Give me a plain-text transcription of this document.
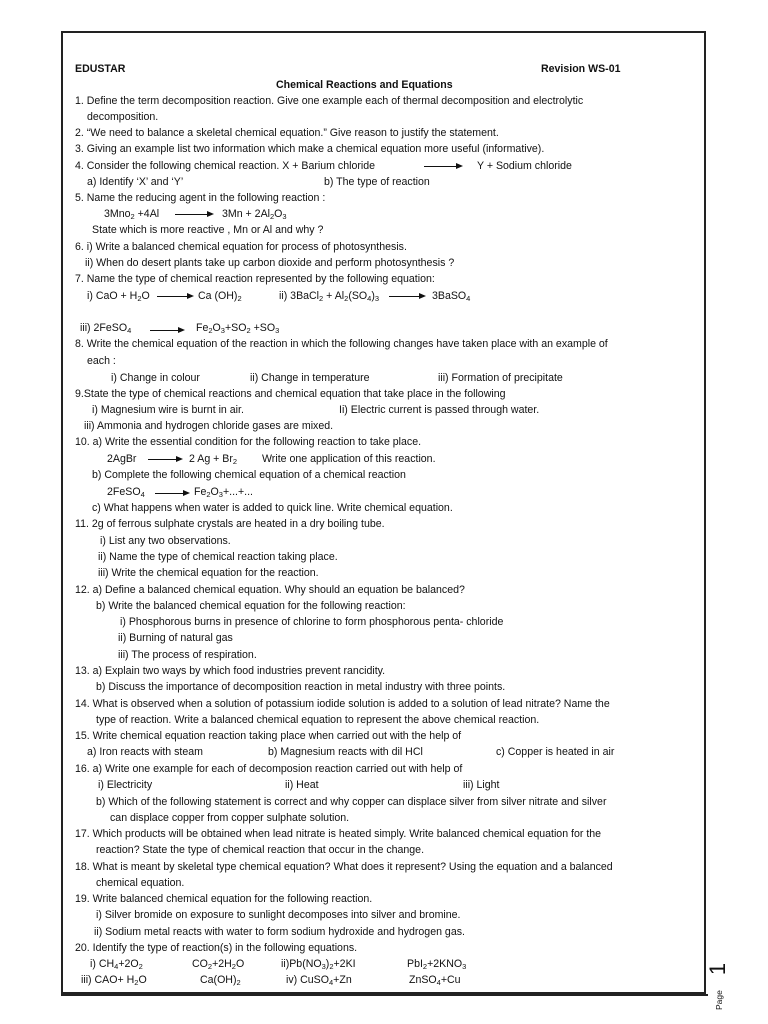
EDUSTAR	Revision WS-01
Chemical Reactions and Equations
1. Define the term decomposition reaction. Give one example each of thermal decomposition and electrolytic
decomposition.
2. “We need to balance a skeletal chemical equation.” Give reason to justify the statement.
3. Giving an example list two information which make a chemical equation more useful (informative).
4. Consider the following chemical reaction. X + Barium chloride	→ Y + Sodium chloride
a) Identify ‘X’ and ‘Y’	b) The type of reaction
5. Name the reducing agent in the following reaction :
$3Mno_2 +4Al \to 3Mn + 2Al_2O_3$
State which is more reactive , Mn or Al and why ?
6. i) Write a balanced chemical equation for process of photosynthesis.
ii) When do desert plants take up carbon dioxide and perform photosynthesis ?
7. Name the type of chemical reaction represented by the following equation:
i) CaO + $H_2O \to Ca$ $(OH)_2$	ii) 3BaCl$_2$ + $Al_2(SO_4)_3$ → 3BaSO$_4$
iii) 2FeSO$_4$ → $Fe_2O_3+SO_2 +SO_3$
8. Write the chemical equation of the reaction in which the following changes have taken place with an example of
each :
i) Change in colour	ii) Change in temperature	iii) Formation of precipitate
9.State the type of chemical reactions and chemical equation that take place in the following
i) Magnesium wire is burnt in air.	Ii) Electric current is passed through water.
iii) Ammonia and hydrogen chloride gases are mixed.
10. a) Write the essential condition for the following reaction to take place.
2AgBr → 2 $Ag + Br_2$ Write one application of this reaction.
b) Complete the following chemical equation of a chemical reaction
2FeSO$_4$ → $Fe_2O_3+...+$...
c) What happens when water is added to quick line. Write chemical equation.
11. 2g of ferrous sulphate crystals are heated in a dry boiling tube.
i) List any two observations.
ii) Name the type of chemical reaction taking place.
iii) Write the chemical equation for the reaction.
12. a) Define a balanced chemical equation. Why should an equation be balanced?
b) Write the balanced chemical equation for the following reaction:
i) Phosphorous burns in presence of chlorine to form phosphorous penta- chloride
ii) Burning of natural gas
iii) The process of respiration.
13. a) Explain two ways by which food industries prevent rancidity.
b) Discuss the importance of decomposition reaction in metal industry with three points.
14. What is observed when a solution of potassium iodide solution is added to a solution of lead nitrate? Name the
type of reaction. Write a balanced chemical equation to represent the above chemical reaction.
15. Write chemical equation reaction taking place when carried out with the help of
a) Iron reacts with steam	b) Magnesium reacts with dil HCl	c) Copper is heated in air
16. a) Write one example for each of decomposion reaction carried out with help of
i) Electricity	ii) Heat	iii) Light
b) Which of the following statement is correct and why copper can displace silver from silver nitrate and silver
can displace copper from copper sulphate solution.
17. Which products will be obtained when lead nitrate is heated simply. Write balanced chemical equation for the
reaction? State the type of chemical reaction that occur in the change.
18. What is meant by skeletal type chemical equation? What does it represent? Using the equation and a balanced
chemical equation.
19. Write balanced chemical equation for the following reaction.
i) Silver bromide on exposure to sunlight decomposes into silver and bromine.
ii) Sodium metal reacts with water to form sodium hydroxide and hydrogen gas.
20. Identify the type of reaction(s) in the following equations.
i) $CH_4+2O_2$	$CO_2+2H_2O$	$ii)Pb(NO_3)_2+2KI$	$PbI_2+2KNO_3$
iii) $CAO+ H_2O$	$Ca(OH)_2$	iv) CuSO$_4$+Zn	ZnSO$_4$+Cu
Page
1
